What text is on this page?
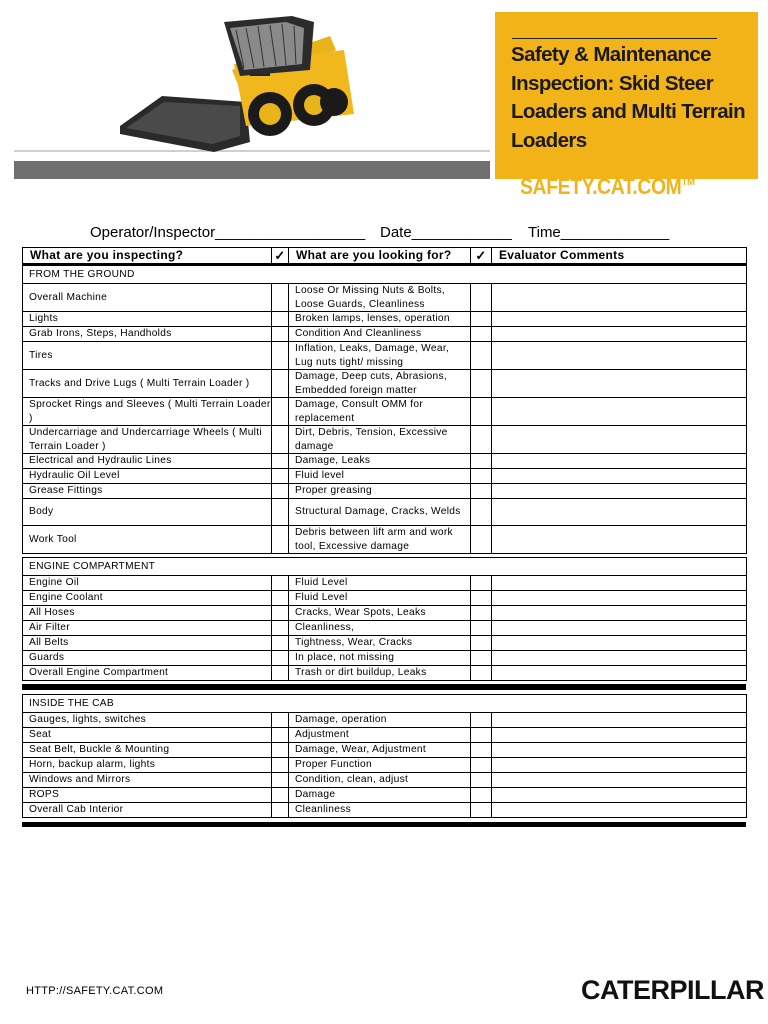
Safety & Maintenance Inspection: Skid Steer Loaders and Multi Terrain Loaders
SAFETY.CAT.COM™
Operator/Inspector__________________ Date____________ Time_____________
What are you inspecting?	✓	What are you looking for?	✓	Evaluator Comments
FROM THE GROUND				
Overall Machine		Loose Or Missing Nuts & Bolts, Loose Guards, Cleanliness		
Lights		Broken lamps, lenses, operation		
Grab Irons, Steps, Handholds		Condition And Cleanliness		
Tires		Inflation, Leaks, Damage, Wear, Lug nuts tight/ missing		
Tracks and Drive Lugs ( Multi Terrain Loader )		Damage, Deep cuts, Abrasions, Embedded foreign matter		
Sprocket Rings and Sleeves ( Multi Terrain Loader )		Damage, Consult OMM for replacement		
Undercarriage and Undercarriage Wheels ( Multi Terrain Loader )		Dirt, Debris, Tension, Excessive damage		
Electrical and Hydraulic Lines		Damage, Leaks		
Hydraulic Oil Level		Fluid level		
Grease Fittings		Proper greasing		
Body		Structural Damage, Cracks, Welds		
Work Tool		Debris between lift arm and work tool, Excessive damage		
ENGINE COMPARTMENT				
Engine Oil		Fluid Level		
Engine Coolant		Fluid Level		
All Hoses		Cracks, Wear Spots, Leaks		
Air Filter		Cleanliness,		
All Belts		Tightness, Wear, Cracks		
Guards		In place, not missing		
Overall Engine Compartment		Trash or dirt buildup, Leaks		
INSIDE THE CAB				
Gauges, lights, switches		Damage, operation		
Seat		Adjustment		
Seat Belt, Buckle & Mounting		Damage, Wear, Adjustment		
Horn, backup alarm, lights		Proper Function		
Windows and Mirrors		Condition, clean, adjust		
ROPS		Damage		
Overall Cab Interior		Cleanliness		
HTTP://SAFETY.CAT.COM	CATERPILLAR
